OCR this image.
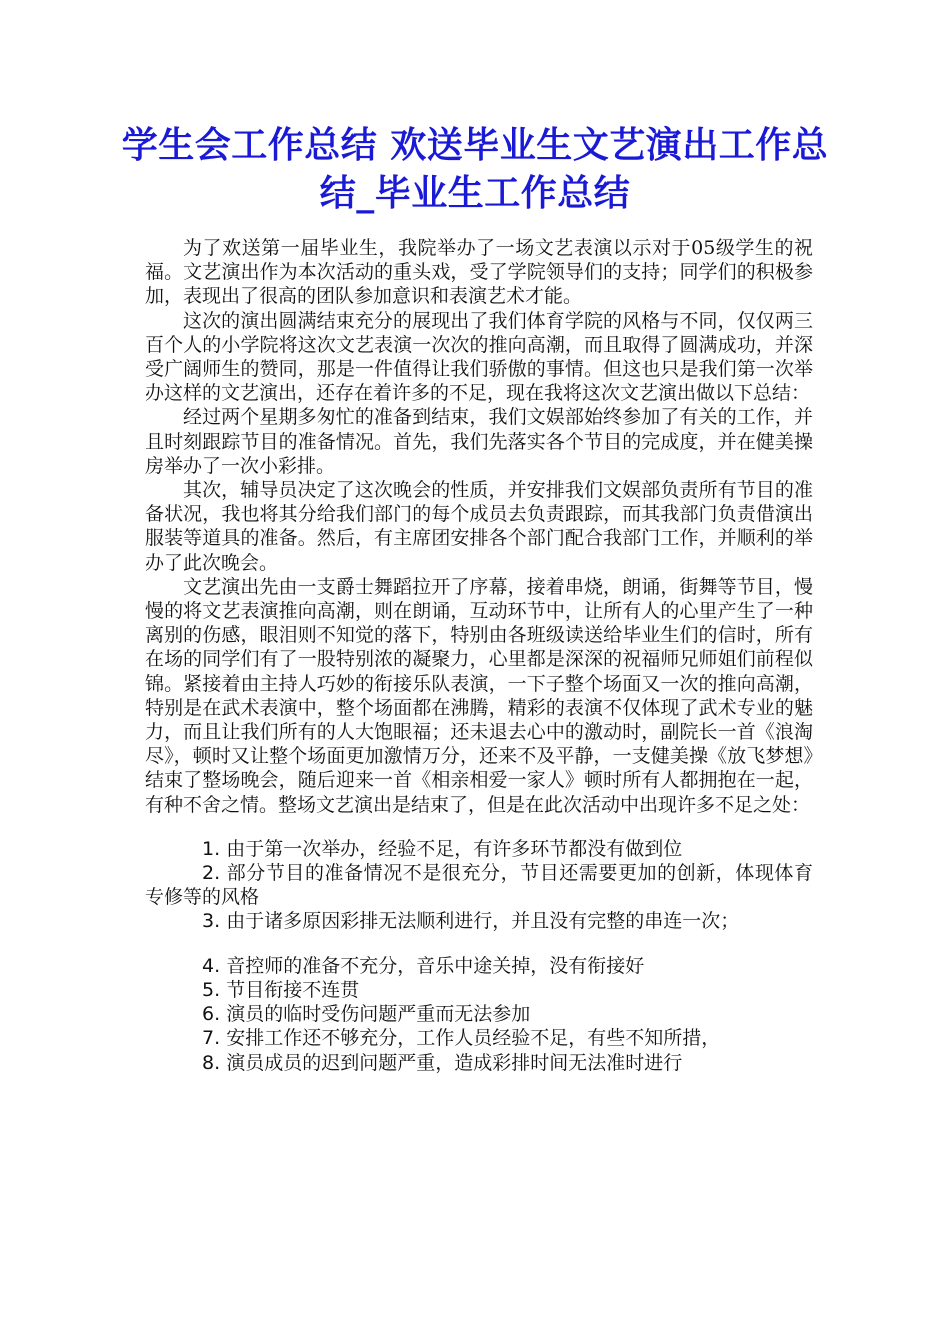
学生会工作总结 欢送毕业生文艺演出工作总结_毕业生工作总结

为了欢送第一届毕业生，我院举办了一场文艺表演以示对于05级学生的祝福。文艺演出作为本次活动的重头戏，受了学院领导们的支持；同学们的积极参加，表现出了很高的团队参加意识和表演艺术才能。

这次的演出圆满结束充分的展现出了我们体育学院的风格与不同，仅仅两三百个人的小学院将这次文艺表演一次次的推向高潮，而且取得了圆满成功，并深受广阔师生的赞同，那是一件值得让我们骄傲的事情。但这也只是我们第一次举办这样的文艺演出，还存在着许多的不足，现在我将这次文艺演出做以下总结：

经过两个星期多匆忙的准备到结束，我们文娱部始终参加了有关的工作，并且时刻跟踪节目的准备情况。首先，我们先落实各个节目的完成度，并在健美操房举办了一次小彩排。

其次，辅导员决定了这次晚会的性质，并安排我们文娱部负责所有节目的准备状况，我也将其分给我们部门的每个成员去负责跟踪，而其我部门负责借演出服装等道具的准备。然后，有主席团安排各个部门配合我部门工作，并顺利的举办了此次晚会。

文艺演出先由一支爵士舞蹈拉开了序幕，接着串烧，朗诵，街舞等节目，慢慢的将文艺表演推向高潮，则在朗诵，互动环节中，让所有人的心里产生了一种离别的伤感，眼泪则不知觉的落下，特别由各班级读送给毕业生们的信时，所有在场的同学们有了一股特别浓的凝聚力，心里都是深深的祝福师兄师姐们前程似锦。紧接着由主持人巧妙的衔接乐队表演，一下子整个场面又一次的推向高潮，特别是在武术表演中，整个场面都在沸腾，精彩的表演不仅体现了武术专业的魅力，而且让我们所有的人大饱眼福；还未退去心中的激动时，副院长一首《浪淘尽》，顿时又让整个场面更加激情万分，还来不及平静，一支健美操《放飞梦想》结束了整场晚会，随后迎来一首《相亲相爱一家人》顿时所有人都拥抱在一起，有种不舍之情。整场文艺演出是结束了，但是在此次活动中出现许多不足之处：

1. 由于第一次举办，经验不足，有许多环节都没有做到位

2. 部分节目的准备情况不是很充分，节目还需要更加的创新，体现体育专修等的风格

3. 由于诸多原因彩排无法顺利进行，并且没有完整的串连一次；

4. 音控师的准备不充分，音乐中途关掉，没有衔接好

5. 节目衔接不连贯

6. 演员的临时受伤问题严重而无法参加

7. 安排工作还不够充分，工作人员经验不足，有些不知所措，

8. 演员成员的迟到问题严重，造成彩排时间无法准时进行
